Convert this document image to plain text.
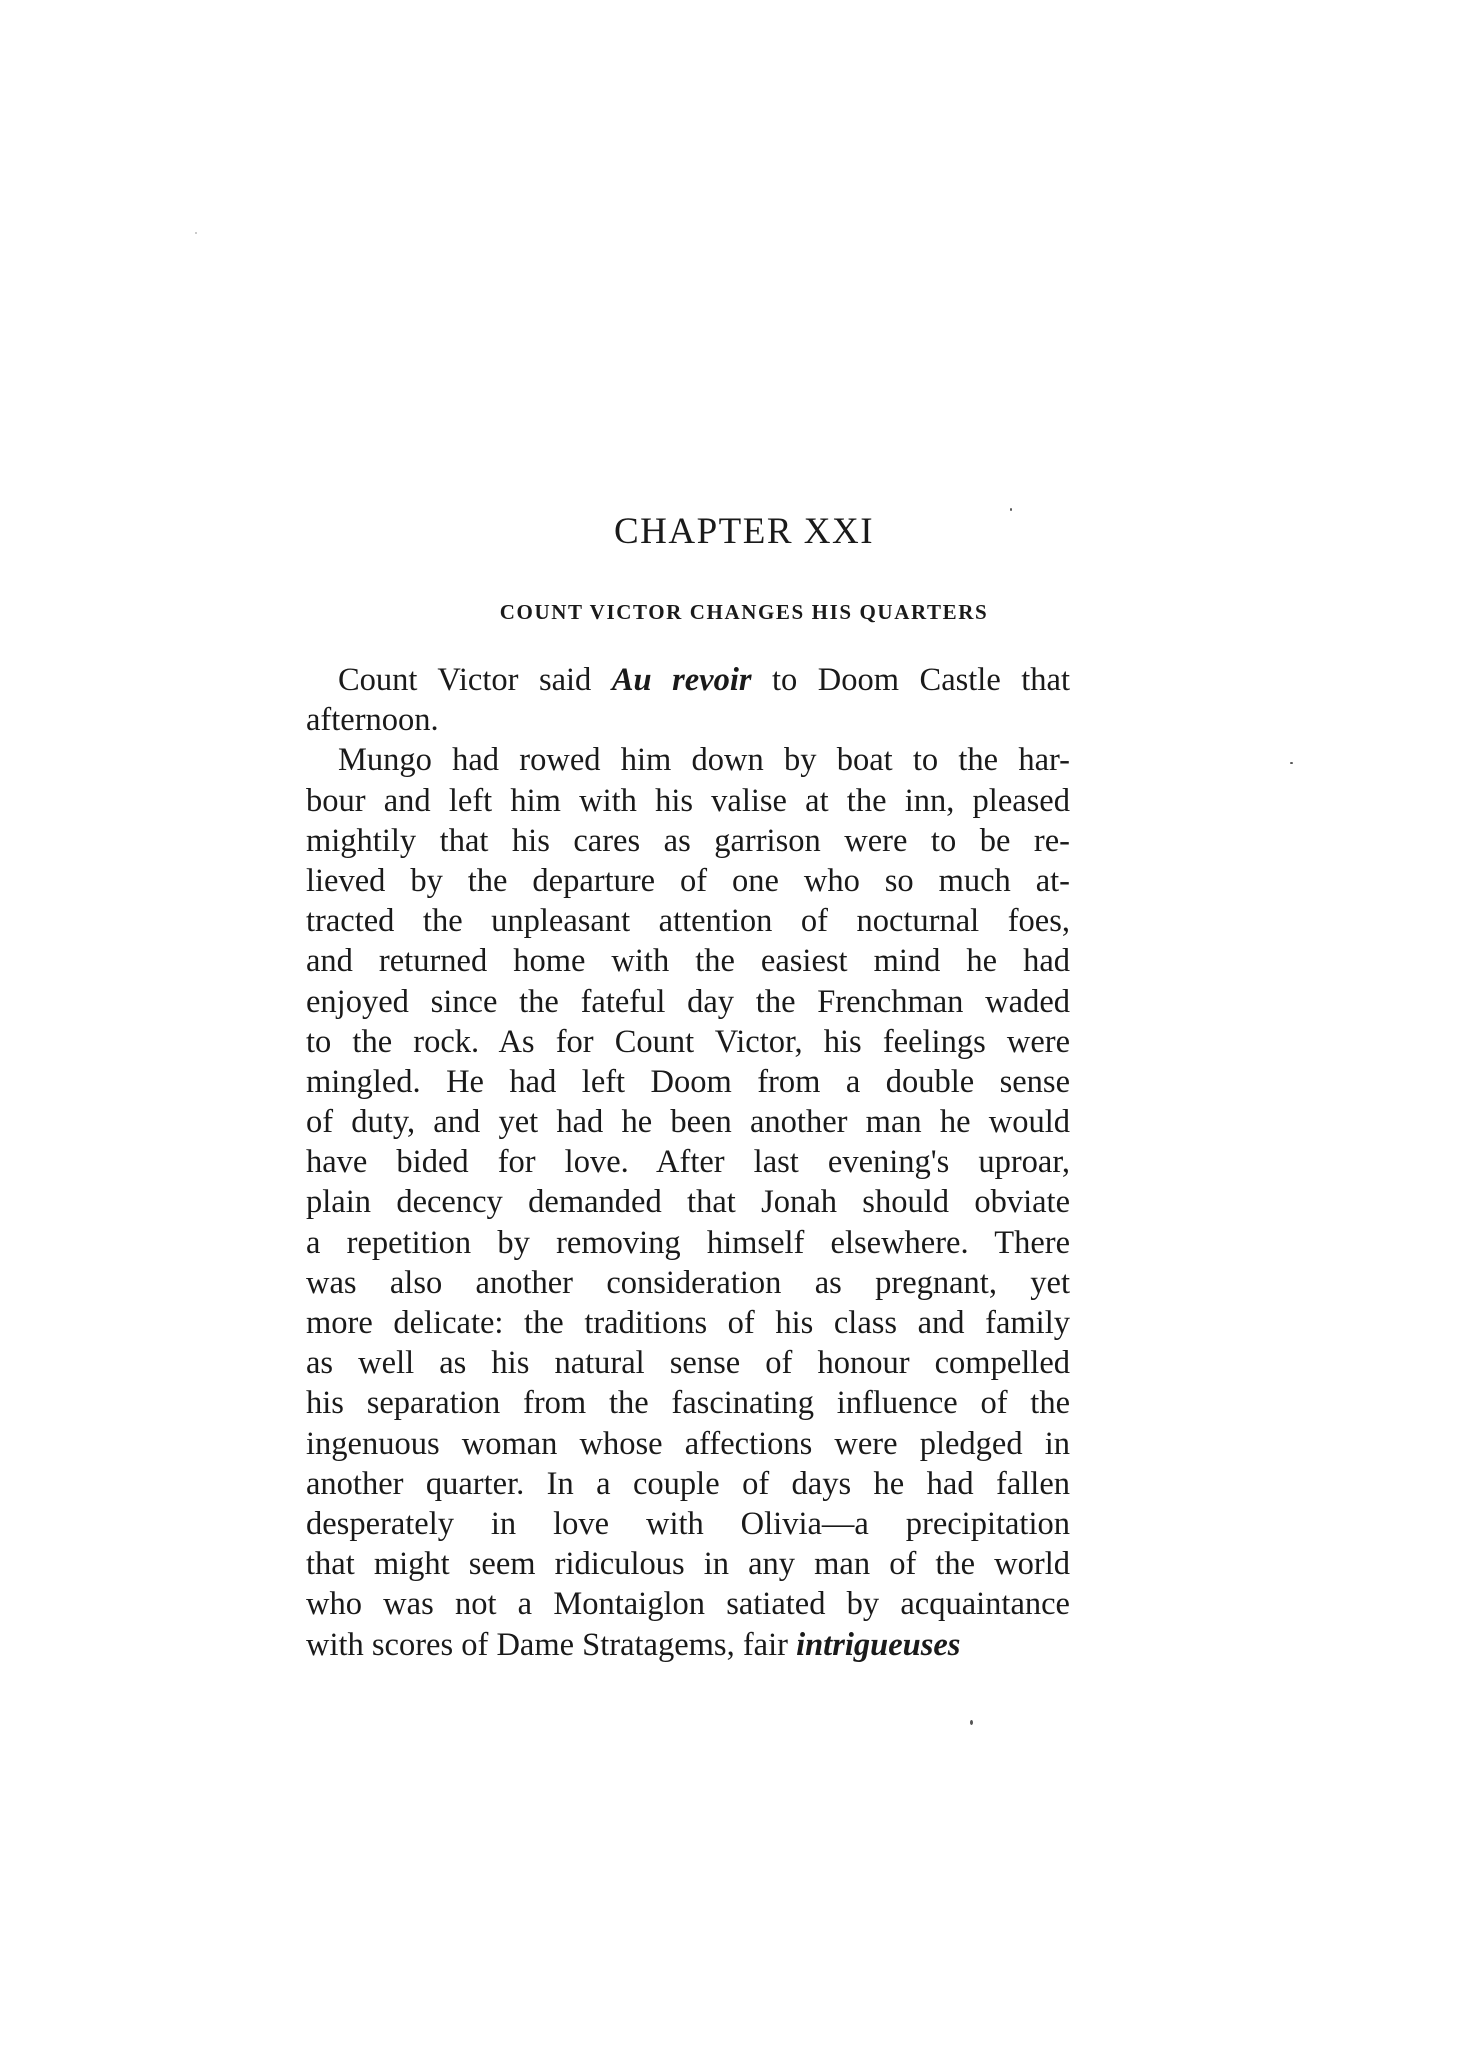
CHAPTER XXI
COUNT VICTOR CHANGES HIS QUARTERS
Count Victor said Au revoir to Doom Castle that
afternoon.
Mungo had rowed him down by boat to the har-
bour and left him with his valise at the inn, pleased
mightily that his cares as garrison were to be re-
lieved by the departure of one who so much at-
tracted the unpleasant attention of nocturnal foes,
and returned home with the easiest mind he had
enjoyed since the fateful day the Frenchman waded
to the rock. As for Count Victor, his feelings were
mingled. He had left Doom from a double sense
of duty, and yet had he been another man he would
have bided for love. After last evening's uproar,
plain decency demanded that Jonah should obviate
a repetition by removing himself elsewhere. There
was also another consideration as pregnant, yet
more delicate: the traditions of his class and family
as well as his natural sense of honour compelled
his separation from the fascinating influence of the
ingenuous woman whose affections were pledged in
another quarter. In a couple of days he had fallen
desperately in love with Olivia—a precipitation
that might seem ridiculous in any man of the world
who was not a Montaiglon satiated by acquaintance
with scores of Dame Stratagems, fair intrigueuses
